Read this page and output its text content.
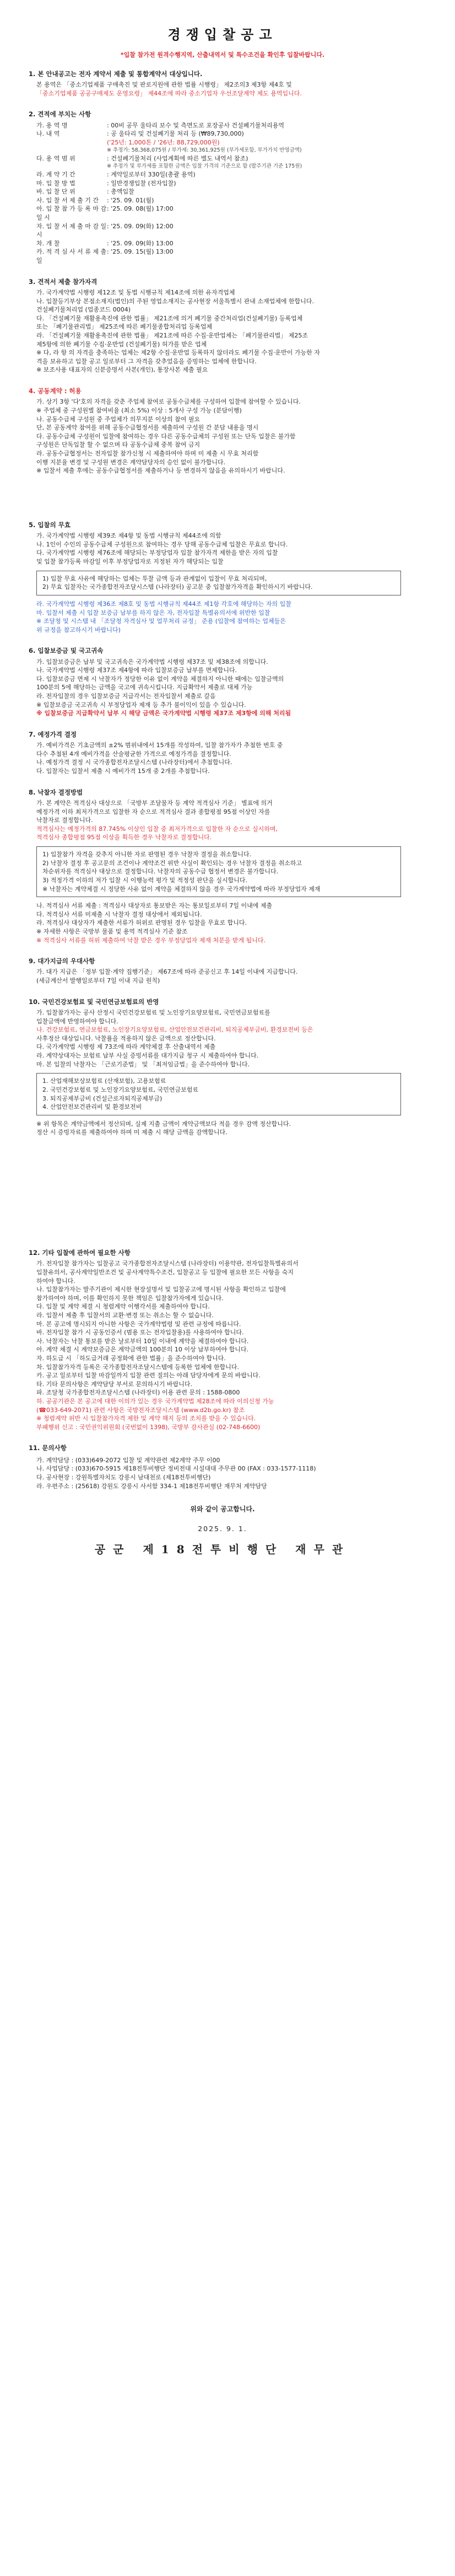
경쟁입찰공고
*입찰 참가전 원격수행지역, 산출내역서 및 특수조건을 확인후 입찰바랍니다.
1. 본 안내공고는 전자 계약서 제출 및 통합계약서 대상입니다.
본 용역은 「중소기업제품 구매촉진 및 판로지원에 관한 법률 시행령」 제2조의3 제3항 제4호 및
「중소기업제품 공공구매제도 운영요령」 제44조에 따라 중소기업자 우선조달계약 제도 용역입니다.
2. 견적에 부치는 사항
가. 용 역 명	: 00비 공무 울타리 보수 및 측면도로 포장공사 건설폐기물처리용역
나. 내 역	: 공 울타리 및 건설폐기물 처리 등 (₩89,730,000)
('25년: 1,000톤 / '26년: 88,729,000원)
※ 추정가: 58,368,075원 / 부가세: 30,361,925원 (부가세포함, 부가가치 반영금액)
다. 용 역 범 위	: 건설폐기물처리 (사업계획에 따른 별도 내역서 참조)
※ 추정가 및 부가세를 포함한 금액은 입찰 가격의 기준으로 함 (발주기관 기준 175원)
라. 계 약 기 간	: 계약일로부터 330일(총괄 용역)
마. 입 찰 방 법	: 일반경쟁입찰 (전자입찰)
바. 입 찰 단 위	: 총액입찰
사. 입 찰 서 제 출 기 간	: '25. 09. 01(월)
아. 입 찰 참 가 등 록 마 감 일 시
: '25. 09. 08(월) 17:00
자. 입 찰 서 제 출 마 감 일 시
: '25. 09. 09(화) 12:00
차. 개 찰	: '25. 09. 09(화) 13:00
카. 적 격 심 사 서 류 제 출 일
: '25. 09. 15(월) 13:00
3. 견적서 제출 참가자격
가. 국가계약법 시행령 제12조 및 동법 시행규칙 제14조에 의한 유자격업체
나. 입찰등기부상 본점소재지(법인)의 주된 영업소재지는 공사현장 서울특별시 관내 소재업체에 한합니다.
건설폐기물처리업 (업종코드 0004)
다. 「건설폐기물 재활용촉진에 관한 법률」 제21조에 의거 폐기물 중간처리업(건설폐기물) 등록업체
또는 「폐기물관리법」 제25조에 따른 폐기물종합처리업 등록업체
라. 「건설폐기물 재활용촉진에 관한 법률」 제21조에 따른 수집·운반업체는 「폐기물관리법」 제25조
제5항에 의한 폐기물 수집·운반업 (건설폐기물) 허가를 받은 업체
※ 다, 라 항 의 자격을 충족하는 업체는 제2항 수집·운반업 등록하지 않더라도 폐기물 수집·운반이 가능한 자
격을 보유하고 입찰 공고 일로부터 그 자격을 갖추었음을 증빙하는 업체에 한합니다.
※ 보조사용 대표자의 신분증명서 사본(개인), 통장사본 제출 필요
4. 공동계약 : 허용
가. 상기 3항 '다'호의 자격을 갖춘 주업체 참여로 공동수급체를 구성하여 입찰에 참여할 수 있습니다.
※ 주업체 중 구성원별 참여비율 (최소 5%) 이상 : 5개사 구성 가능 (분담이행)
나. 공동수급체 구성원 중 주업체가 의무지분 이상의 참여 필요
단, 본 공동계약 참여를 위해 공동수급협정서를 제출하여 구성원 간 분담 내용을 명시
다. 공동수급체 구성원이 입찰에 참여하는 경우 다른 공동수급체의 구성원 또는 단독 입찰은 불가함
구성원은 단독입찰 할 수 없으며 타 공동수급체 중복 참여 금지
라. 공동수급협정서는 전자입찰 참가신청 시 제출하여야 하며 미 제출 시 무효 처리함
이행 지분율 변경 및 구성원 변경은 계약담당자의 승인 없이 불가합니다.
※ 입찰서 제출 후에는 공동수급협정서를 제출하거나 등 변경하지 않음을 유의하시기 바랍니다.
5. 입찰의 무효
가. 국가계약법 시행령 제39조 제4항 및 동법 시행규칙 제44조에 의함
나. 1인이 수인의 공동수급체 구성원으로 참여하는 경우 당해 공동수급체 입찰은 무효로 합니다.
다. 국가계약법 시행령 제76조에 해당되는 부정당업자 입찰 참가자격 제한을 받은 자의 입찰
및 입찰 참가등록 마감일 이후 부정당업자로 지정된 자가 해당되는 입찰
1) 입찰 무효 사유에 해당하는 업체는 투찰 금액 등과 관계없이 입찰이 무효 처리되며,
2) 무효 입찰자는 국가종합전자조달시스템 (나라장터) 공고문 중 입찰참가자격을 확인하시기 바랍니다.
라. 국가계약법 시행령 제36조 제8호 및 동법 시행규칙 제44조 제1항 각호에 해당하는 자의 입찰
마. 입찰서 제출 시 입찰 보증금 납부를 하지 않은 자, 전자입찰 특별유의서에 위반한 입찰
※ 조달청 및 시스템 내 「조달청 자격심사 및 업무처리 규정」 준용 (입찰에 참여하는 업체들은
위 규정을 참고하시기 바랍니다)
6. 입찰보증금 및 국고귀속
가. 입찰보증금은 납부 및 국고귀속은 국가계약법 시행령 제37조 및 제38조에 의합니다.
나. 국가계약법 시행령 제37조 제4항에 따라 입찰보증금 납부를 면제합니다.
다. 입찰보증금 면제 시 낙찰자가 정당한 이유 없이 계약을 체결하지 아니한 때에는 입찰금액의
100분의 5에 해당하는 금액을 국고에 귀속시킵니다. 지급확약서 제출로 대체 가능
라. 전자입찰의 경우 입찰보증금 지급각서는 전자입찰서 제출로 갈음
※ 입찰보증금 국고귀속 시 부정당업자 제재 등 추가 불이익이 있을 수 있습니다.
※ 입찰보증금 지급확약서 납부 시 해당 금액은 국가계약법 시행령 제37조 제3항에 의해 처리됨
7. 예정가격 결정
가. 예비가격은 기초금액의 ±2% 범위내에서 15개를 작성하여, 입찰 참가자가 추첨한 번호 중
다수 추첨된 4개 예비가격을 산술평균한 가격으로 예정가격을 결정합니다.
나. 예정가격 결정 시 국가종합전자조달시스템 (나라장터)에서 추첨합니다.
다. 입찰자는 입찰서 제출 시 예비가격 15개 중 2개를 추첨합니다.
8. 낙찰자 결정방법
가. 본 계약은 적격심사 대상으로 「국방부 조달물자 등 계약 적격심사 기준」 별표에 의거
예정가격 이하 최저가격으로 입찰한 자 순으로 적격심사 결과 종합평점 95점 이상인 자를
낙찰자로 결정합니다.
적격심사는 예정가격의 87.745% 이상인 입찰 중 최저가격으로 입찰한 자 순으로 실시하며,
적격심사 종합평점 95점 이상을 획득한 경우 낙찰자로 결정합니다.
1) 입찰참가 자격을 갖추지 아니한 자로 판명된 경우 낙찰자 결정을 취소합니다.
2) 낙찰자 결정 후 공고문의 조건이나 계약조건 위반 사실이 확인되는 경우 낙찰자 결정을 취소하고
차순위자를 적격심사 대상으로 결정합니다. 낙찰자의 공동수급 협정서 변경은 불가합니다.
3) 적정가격 이하의 저가 입찰 시 이행능력 평가 및 적정성 판단을 실시합니다.
※ 낙찰자는 계약체결 시 정당한 사유 없이 계약을 체결하지 않을 경우 국가계약법에 따라 부정당업자 제재
나. 적격심사 서류 제출 : 적격심사 대상자로 통보받은 자는 통보일로부터 7일 이내에 제출
다. 적격심사 서류 미제출 시 낙찰자 결정 대상에서 제외됩니다.
라. 적격심사 대상자가 제출한 서류가 허위로 판명된 경우 입찰을 무효로 합니다.
※ 자세한 사항은 국방부 물품 및 용역 적격심사 기준 참조
※ 적격심사 서류를 허위 제출하여 낙찰 받은 경우 부정당업자 제재 처분을 받게 됩니다.
9. 대가지급의 우대사항
가. 대가 지급은 「정부 입찰·계약 집행기준」 제67조에 따라 준공신고 후 14일 이내에 지급합니다.
(세금계산서 발행일로부터 7일 이내 지급 원칙)
10. 국민건강보험료 및 국민연금보험료의 반영
가. 입찰참가자는 공사 산정시 국민건강보험료 및 노인장기요양보험료, 국민연금보험료를
입찰금액에 반영하여야 합니다.
나. 건강보험료, 연금보험료, 노인장기요양보험료, 산업안전보건관리비, 퇴직공제부금비, 환경보전비 등은
사후정산 대상입니다. 낙찰률을 적용하지 않은 금액으로 정산합니다.
다. 국가계약법 시행령 제 73조에 따라 계약체결 후 산출내역서 제출
라. 계약상대자는 보험료 납부 사실 증빙서류를 대가지급 청구 시 제출하여야 합니다.
마. 본 입찰의 낙찰자는 「근로기준법」 및 「최저임금법」을 준수하여야 합니다.
1. 산업재해보상보험료 (산재보험), 고용보험료
2. 국민건강보험료 및 노인장기요양보험료, 국민연금보험료
3. 퇴직공제부금비 (건설근로자퇴직공제부금)
4. 산업안전보건관리비 및 환경보전비
※ 위 항목은 계약금액에서 정산되며, 실제 지출 금액이 계약금액보다 적을 경우 감액 정산합니다.
정산 시 증빙자료를 제출하여야 하며 미 제출 시 해당 금액을 감액합니다.
12. 기타 입찰에 관하여 필요한 사항
가. 전자입찰 참가자는 입찰공고 국가종합전자조달시스템 (나라장터) 이용약관, 전자입찰특별유의서
입찰유의서, 공사계약일반조건 및 공사계약특수조건, 입찰공고 등 입찰에 필요한 모든 사항을 숙지
하여야 합니다.
나. 입찰참가자는 발주기관이 제시한 현장설명서 및 입찰공고에 명시된 사항을 확인하고 입찰에
참가하여야 하며, 이를 확인하지 못한 책임은 입찰참가자에게 있습니다.
다. 입찰 및 계약 체결 시 청렴계약 이행각서를 제출하여야 합니다.
라. 입찰서 제출 후 입찰서의 교환·변경 또는 취소는 할 수 없습니다.
마. 본 공고에 명시되지 아니한 사항은 국가계약법령 및 관련 규정에 따릅니다.
바. 전자입찰 참가 시 공동인증서 (범용 또는 전자입찰용)를 사용하여야 합니다.
사. 낙찰자는 낙찰 통보를 받은 날로부터 10일 이내에 계약을 체결하여야 합니다.
아. 계약 체결 시 계약보증금은 계약금액의 100분의 10 이상 납부하여야 합니다.
자. 하도급 시 「하도급거래 공정화에 관한 법률」을 준수하여야 합니다.
차. 입찰참가자격 등록은 국가종합전자조달시스템에 등록한 업체에 한합니다.
카. 공고 일로부터 입찰 마감일까지 입찰 관련 질의는 아래 담당자에게 문의 바랍니다.
타. 기타 문의사항은 계약담당 부서로 문의하시기 바랍니다.
파. 조달청 국가종합전자조달시스템 (나라장터) 이용 관련 문의 : 1588-0800
하. 공공기관은 본 공고에 대한 이의가 있는 경우 국가계약법 제28조에 따라 이의신청 가능
(☎033-649-2071) 관련 사항은 국방전자조달시스템 (www.d2b.go.kr) 참조
※ 청렴계약 위반 시 입찰참가자격 제한 및 계약 해지 등의 조치를 받을 수 있습니다.
부패행위 신고 : 국민권익위원회 (국번없이 1398), 국방부 감사관실 (02-748-6600)
11. 문의사항
가. 계약담당 : (033)649-2072 입찰 및 계약관련 제2계약 주무 이00
나. 사업담당 : (033)670-5915 제18전투비행단 정비전대 시설대대 주무관 00 (FAX : 033-1577-1118)
다. 공사현장 : 강원특별자치도 강릉시 남대천로 (제18전투비행단)
라. 우편주소 : (25618) 강원도 강릉시 사서함 334-1 제18전투비행단 재무처 계약담당
위와 같이 공고합니다.
2025. 9. 1.
공군 제18전투비행단 재무관
